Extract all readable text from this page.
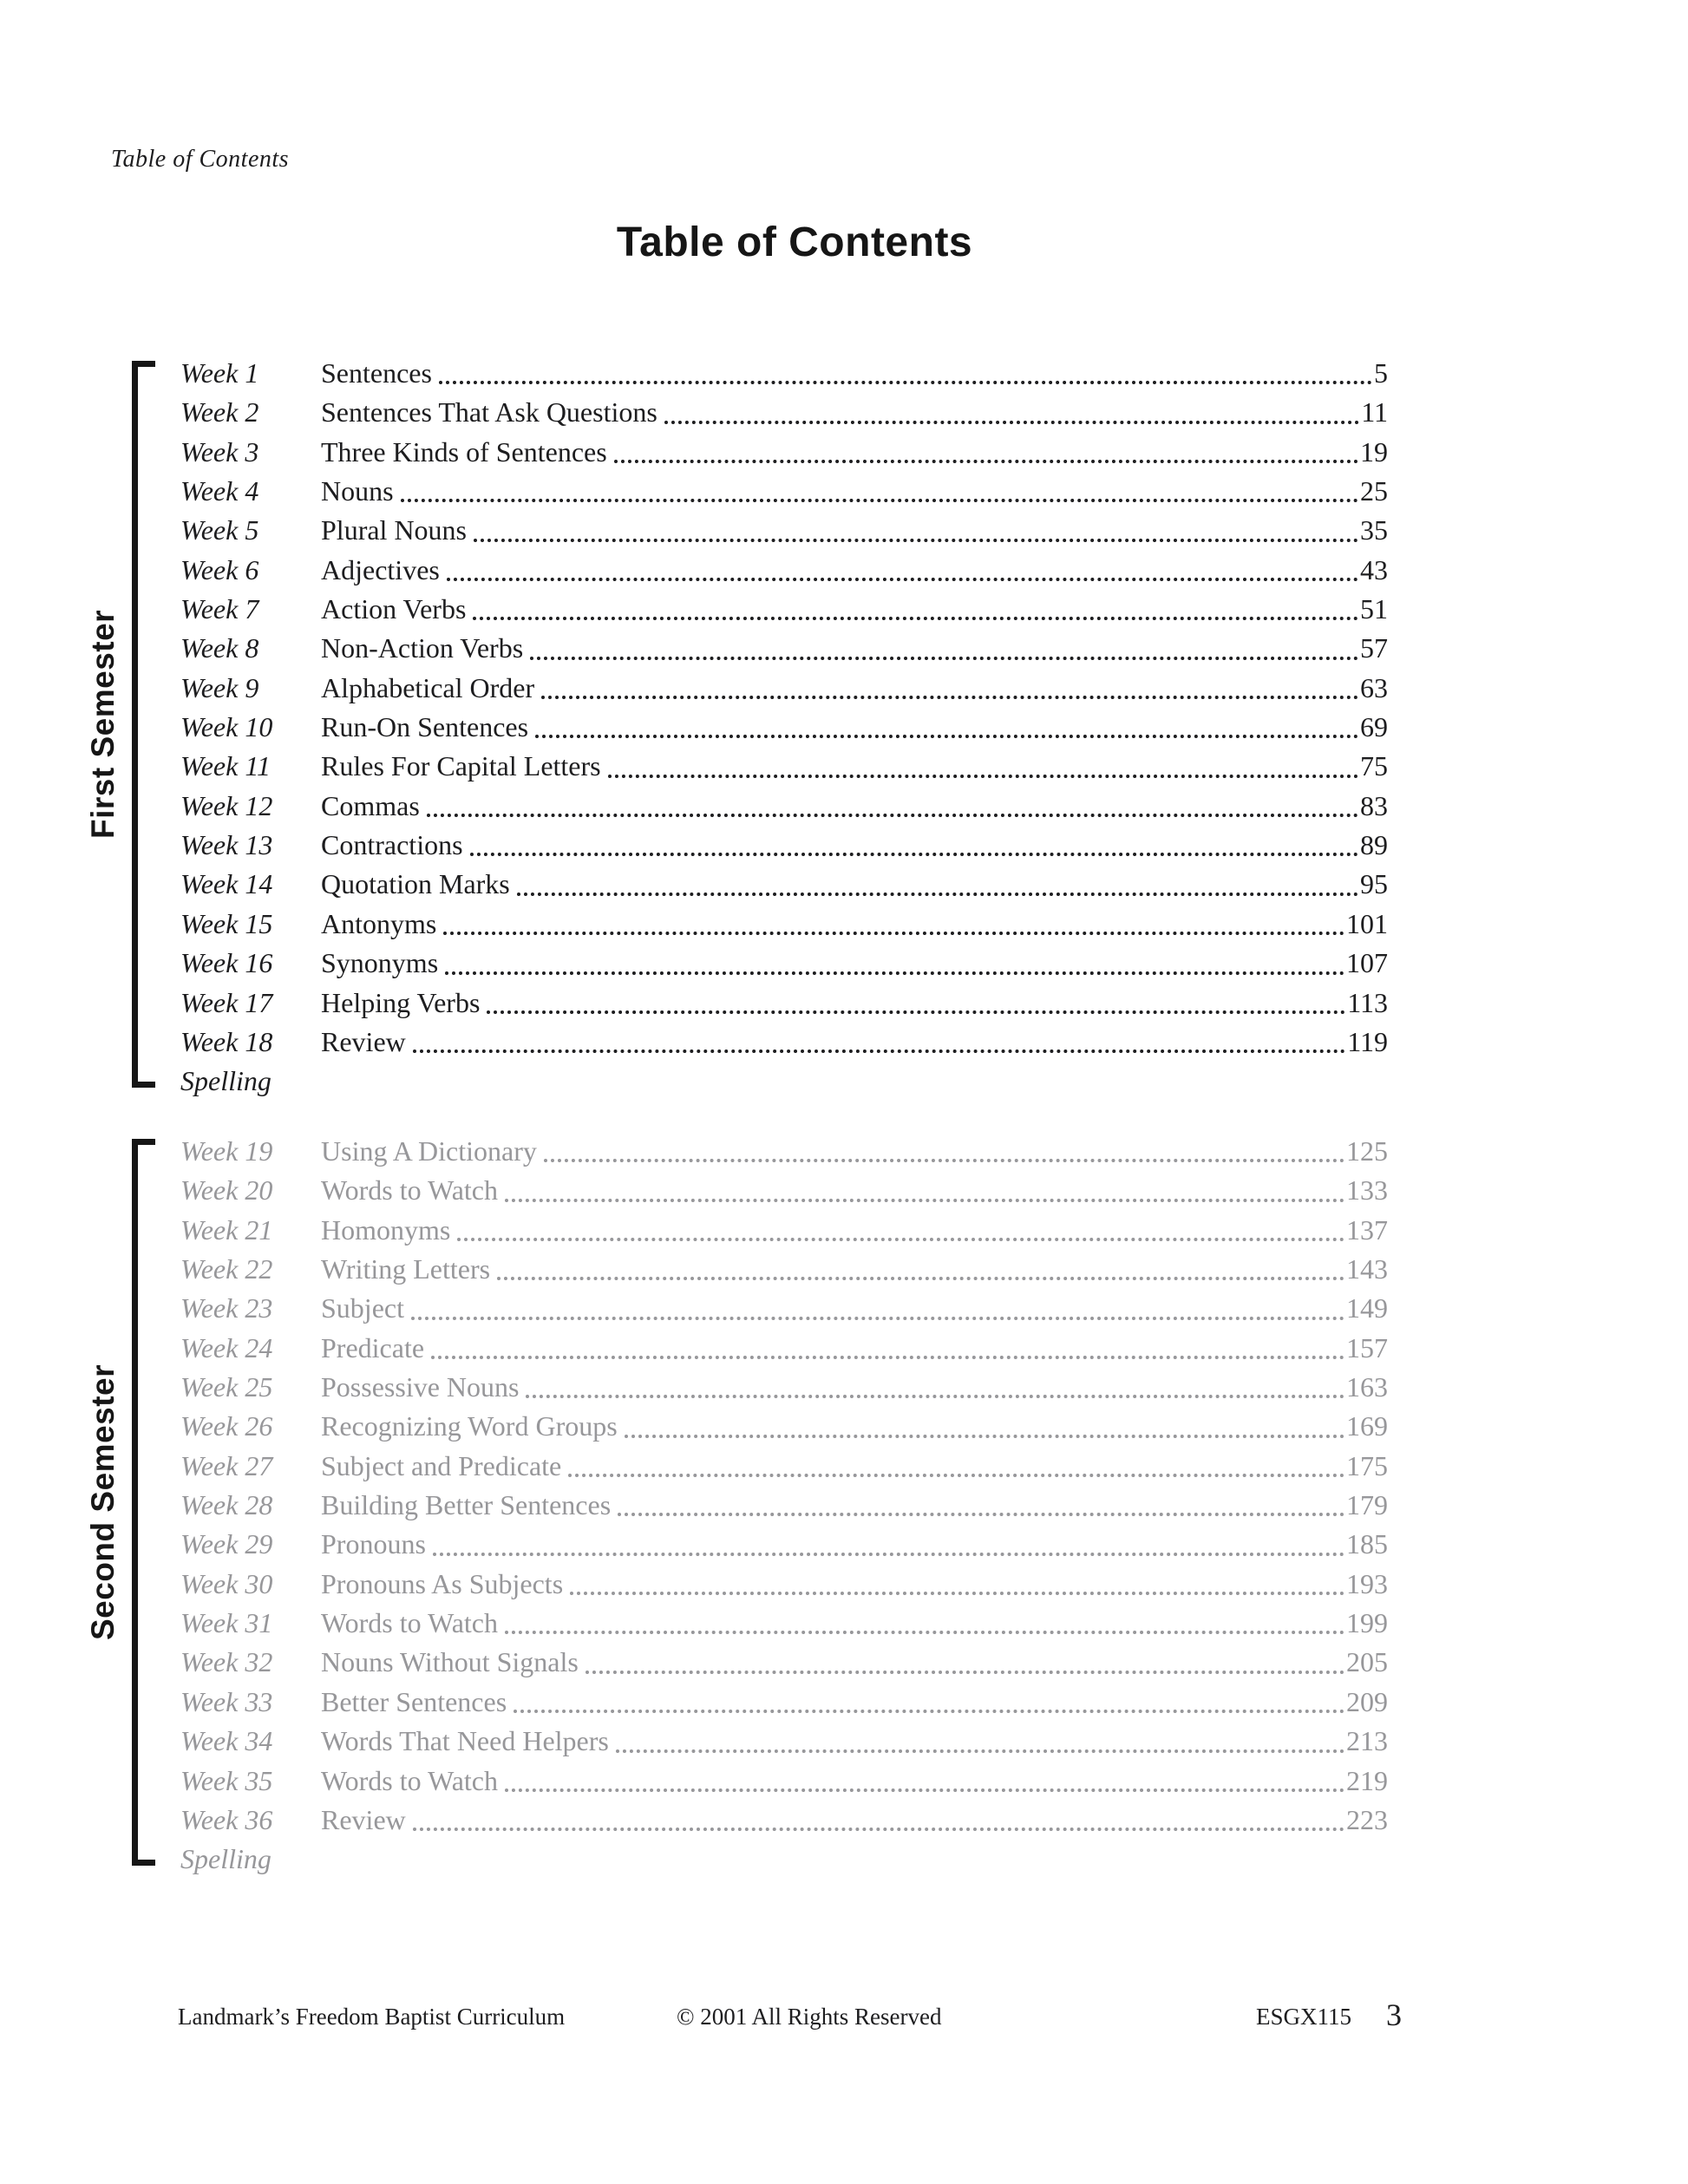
Table of Contents
Table of Contents
First Semester
Week 1	Sentences	5
Week 2	Sentences That Ask Questions	11
Week 3	Three Kinds of Sentences	19
Week 4	Nouns	25
Week 5	Plural Nouns	35
Week 6	Adjectives	43
Week 7	Action Verbs	51
Week 8	Non-Action Verbs	57
Week 9	Alphabetical Order	63
Week 10	Run-On Sentences	69
Week 11	Rules For Capital Letters	75
Week 12	Commas	83
Week 13	Contractions	89
Week 14	Quotation Marks	95
Week 15	Antonyms	101
Week 16	Synonyms	107
Week 17	Helping Verbs	113
Week 18	Review	119
Spelling
Second Semester
Week 19	Using A Dictionary	125
Week 20	Words to Watch	133
Week 21	Homonyms	137
Week 22	Writing Letters	143
Week 23	Subject	149
Week 24	Predicate	157
Week 25	Possessive Nouns	163
Week 26	Recognizing Word Groups	169
Week 27	Subject and Predicate	175
Week 28	Building Better Sentences	179
Week 29	Pronouns	185
Week 30	Pronouns As Subjects	193
Week 31	Words to Watch	199
Week 32	Nouns Without Signals	205
Week 33	Better Sentences	209
Week 34	Words That Need Helpers	213
Week 35	Words to Watch	219
Week 36	Review	223
Spelling
Landmark’s Freedom Baptist Curriculum	© 2001 All Rights Reserved	ESGX115 3
